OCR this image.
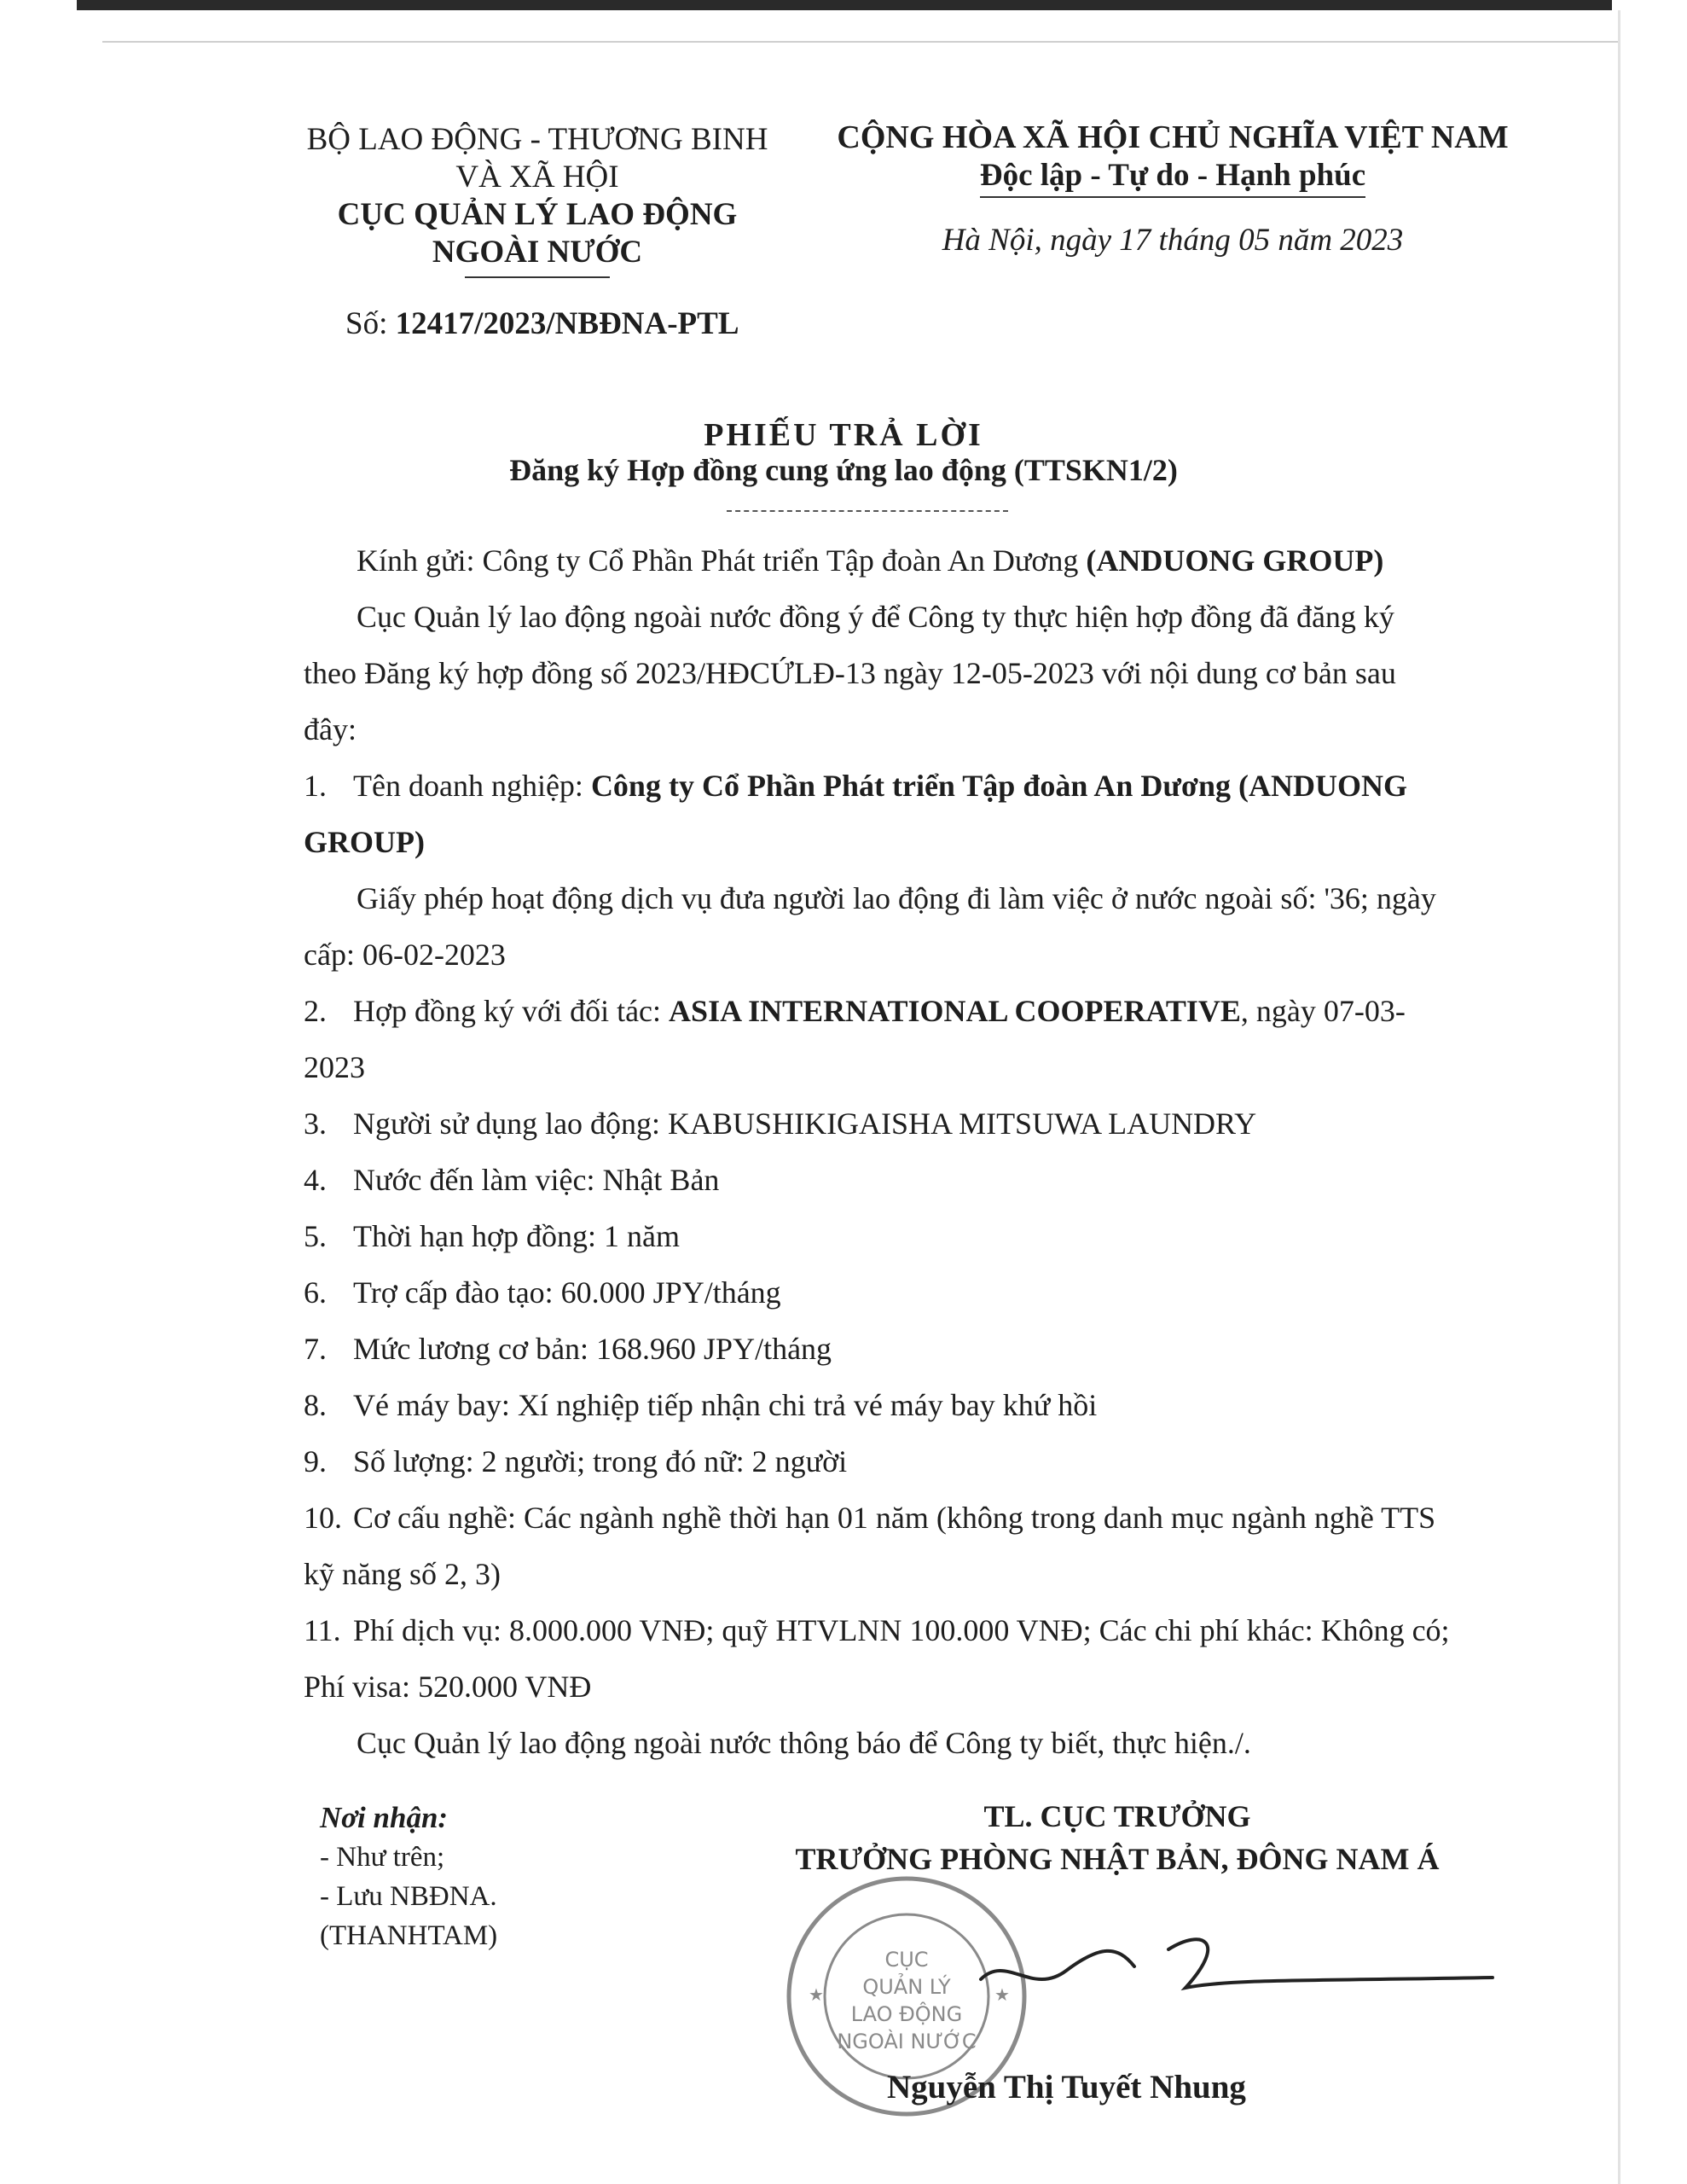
BỘ LAO ĐỘNG - THƯƠNG BINH
VÀ XÃ HỘI
CỤC QUẢN LÝ LAO ĐỘNG
NGOÀI NƯỚC
Số: 12417/2023/NBĐNA-PTL
CỘNG HÒA XÃ HỘI CHỦ NGHĨA VIỆT NAM
Độc lập - Tự do - Hạnh phúc
Hà Nội, ngày 17 tháng 05 năm 2023
PHIẾU TRẢ LỜI
Đăng ký Hợp đồng cung ứng lao động (TTSKN1/2)

Kính gửi: Công ty Cổ Phần Phát triển Tập đoàn An Dương (ANDUONG GROUP)

Cục Quản lý lao động ngoài nước đồng ý để Công ty thực hiện hợp đồng đã đăng ký theo Đăng ký hợp đồng số 2023/HĐCỨLĐ-13 ngày 12-05-2023 với nội dung cơ bản sau đây:

1. Tên doanh nghiệp: Công ty Cổ Phần Phát triển Tập đoàn An Dương (ANDUONG GROUP)

Giấy phép hoạt động dịch vụ đưa người lao động đi làm việc ở nước ngoài số: '36; ngày cấp: 06-02-2023

2. Hợp đồng ký với đối tác: ASIA INTERNATIONAL COOPERATIVE, ngày 07-03-2023

3. Người sử dụng lao động: KABUSHIKIGAISHA MITSUWA LAUNDRY

4. Nước đến làm việc: Nhật Bản

5. Thời hạn hợp đồng: 1 năm

6. Trợ cấp đào tạo: 60.000 JPY/tháng

7. Mức lương cơ bản: 168.960 JPY/tháng

8. Vé máy bay: Xí nghiệp tiếp nhận chi trả vé máy bay khứ hồi

9. Số lượng: 2 người; trong đó nữ: 2 người

10. Cơ cấu nghề: Các ngành nghề thời hạn 01 năm (không trong danh mục ngành nghề TTS kỹ năng số 2, 3)

11. Phí dịch vụ: 8.000.000 VNĐ; quỹ HTVLNN 100.000 VNĐ; Các chi phí khác: Không có; Phí visa: 520.000 VNĐ

Cục Quản lý lao động ngoài nước thông báo để Công ty biết, thực hiện./.

Nơi nhận:
- Như trên;
- Lưu NBĐNA.
(THANHTAM)
TL. CỤC TRƯỞNG
TRƯỞNG PHÒNG NHẬT BẢN, ĐÔNG NAM Á
★	★
CỤC
QUẢN LÝ
LAO ĐỘNG
NGOÀI NƯỚC
Nguyễn Thị Tuyết Nhung
